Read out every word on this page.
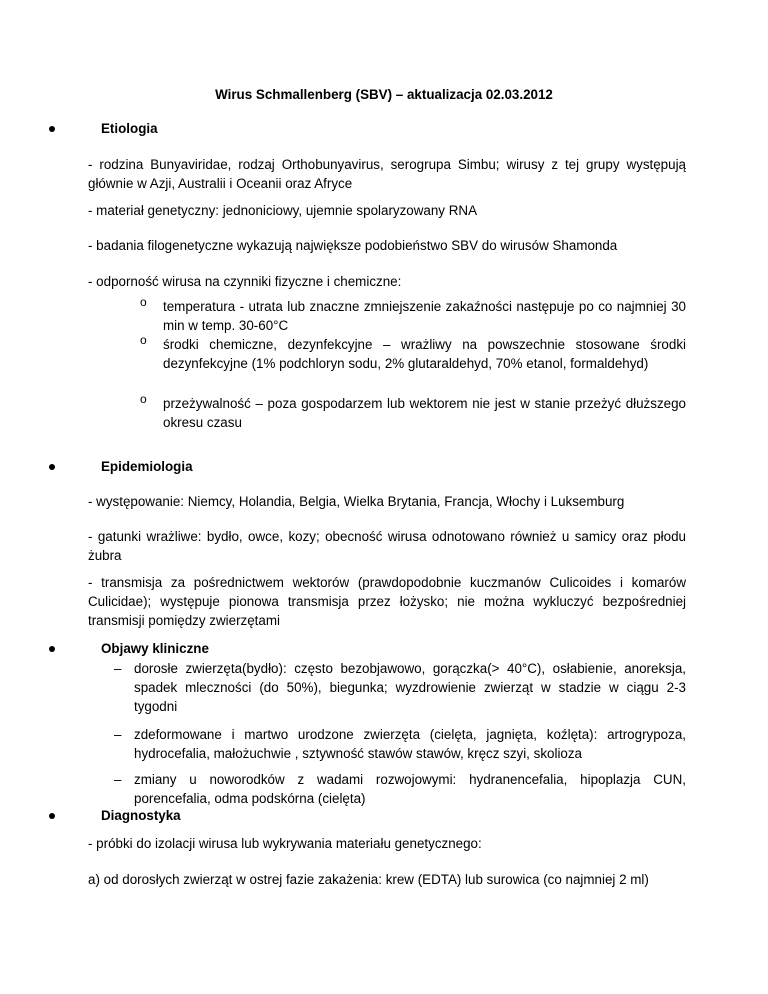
Wirus Schmallenberg (SBV) – aktualizacja 02.03.2012
Etiologia
- rodzina Bunyaviridae, rodzaj Orthobunyavirus, serogrupa Simbu; wirusy z tej grupy występują głównie w Azji, Australii i Oceanii oraz Afryce
- materiał genetyczny: jednoniciowy, ujemnie spolaryzowany RNA
- badania filogenetyczne wykazują największe podobieństwo SBV do wirusów Shamonda
- odporność wirusa na czynniki fizyczne i chemiczne:
o temperatura - utrata lub znaczne zmniejszenie zakaźności następuje po co najmniej 30 min w temp. 30-60°C
o środki chemiczne, dezynfekcyjne – wrażliwy na powszechnie stosowane środki dezynfekcyjne (1% podchloryn sodu, 2% glutaraldehyd, 70% etanol, formaldehyd)
o przeżywalność – poza gospodarzem lub wektorem nie jest w stanie przeżyć dłuższego okresu czasu
Epidemiologia
- występowanie: Niemcy, Holandia, Belgia, Wielka Brytania, Francja, Włochy i Luksemburg
- gatunki wrażliwe: bydło, owce, kozy; obecność wirusa odnotowano również u samicy oraz płodu żubra
- transmisja za pośrednictwem wektorów (prawdopodobnie kuczmanów Culicoides i komarów Culicidae); występuje pionowa transmisja przez łożysko; nie można wykluczyć bezpośredniej transmisji pomiędzy zwierzętami
Objawy kliniczne
– dorosłe zwierzęta(bydło): często bezobjawowo, gorączka(> 40°C), osłabienie, anoreksja, spadek mleczności (do 50%), biegunka; wyzdrowienie zwierząt w stadzie w ciągu 2-3 tygodni
– zdeformowane i martwo urodzone zwierzęta (cielęta, jagnięta, koźlęta): artrogrypoza, hydrocefalia, małożuchwie , sztywność stawów stawów, kręcz szyi, skolioza
– zmiany u noworodków z wadami rozwojowymi: hydranencefalia, hipoplazja CUN, porencefalia, odma podskórna (cielęta)
Diagnostyka
- próbki do izolacji wirusa lub wykrywania materiału genetycznego:
a) od dorosłych zwierząt w ostrej fazie zakażenia: krew (EDTA) lub surowica (co najmniej 2 ml)
